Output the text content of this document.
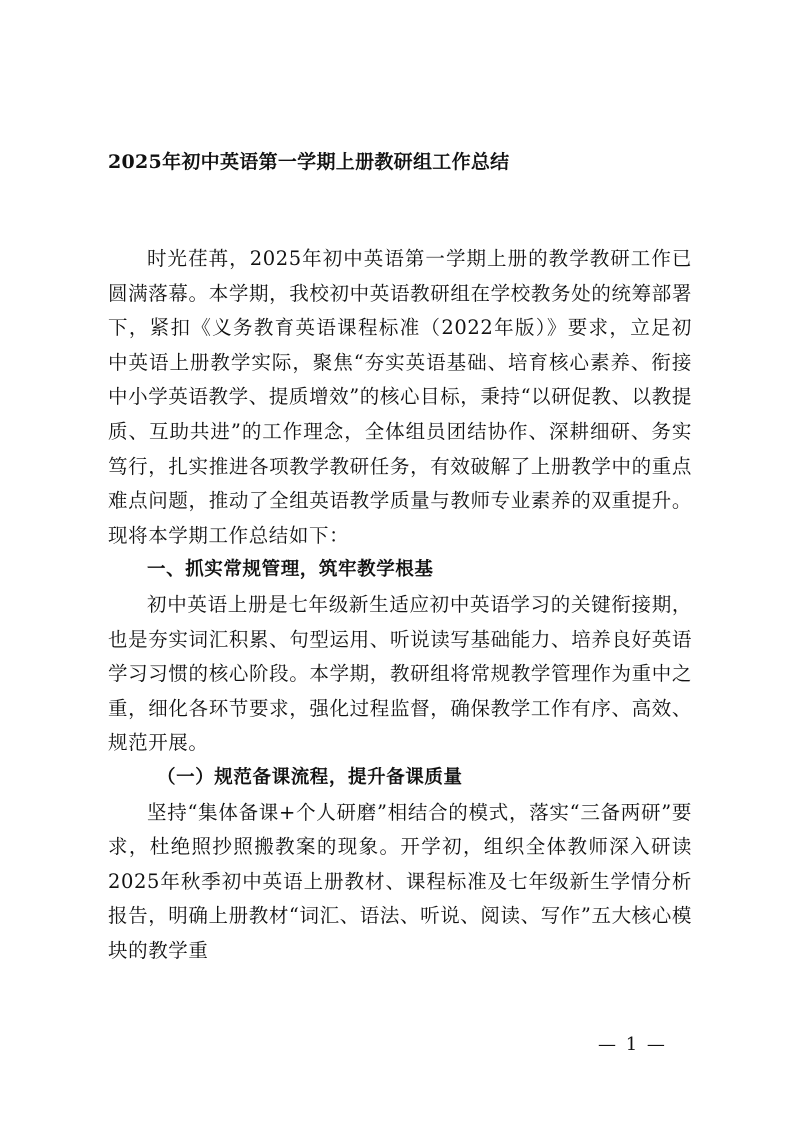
2025年初中英语第一学期上册教研组工作总结

时光荏苒，2025年初中英语第一学期上册的教学教研工作已圆满落幕。本学期，我校初中英语教研组在学校教务处的统筹部署下，紧扣《义务教育英语课程标准（2022年版）》要求，立足初中英语上册教学实际，聚焦“夯实英语基础、培育核心素养、衔接中小学英语教学、提质增效”的核心目标，秉持“以研促教、以教提质、互助共进”的工作理念，全体组员团结协作、深耕细研、务实笃行，扎实推进各项教学教研任务，有效破解了上册教学中的重点难点问题，推动了全组英语教学质量与教师专业素养的双重提升。现将本学期工作总结如下：

一、抓实常规管理，筑牢教学根基

初中英语上册是七年级新生适应初中英语学习的关键衔接期，也是夯实词汇积累、句型运用、听说读写基础能力、培养良好英语学习习惯的核心阶段。本学期，教研组将常规教学管理作为重中之重，细化各环节要求，强化过程监督，确保教学工作有序、高效、规范开展。

（一）规范备课流程，提升备课质量

坚持“集体备课+个人研磨”相结合的模式，落实“三备两研”要求，杜绝照抄照搬教案的现象。开学初，组织全体教师深入研读2025年秋季初中英语上册教材、课程标准及七年级新生学情分析报告，明确上册教材“词汇、语法、听说、阅读、写作”五大核心模块的教学重

— 1 —
